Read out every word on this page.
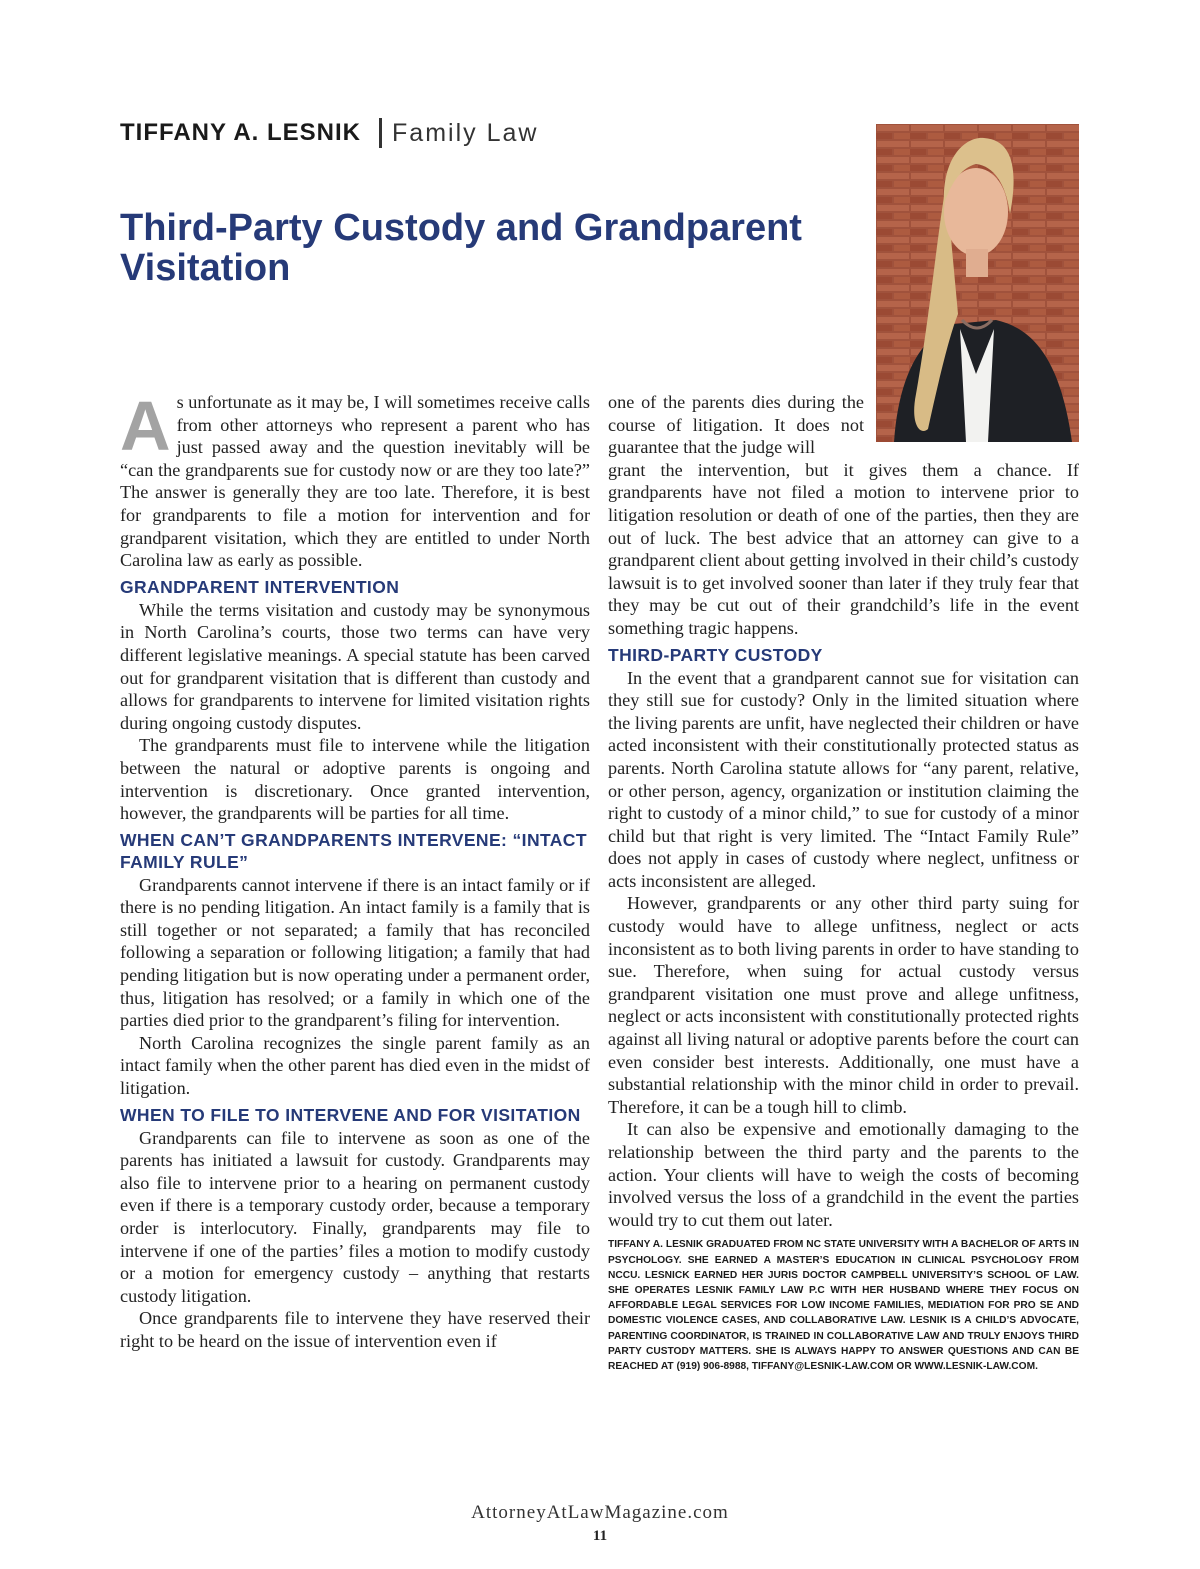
TIFFANY A. LESNIK Family Law
Third-Party Custody and Grandparent Visitation

As unfortunate as it may be, I will sometimes receive calls from other attorneys who represent a parent who has just passed away and the question inevitably will be “can the grandparents sue for custody now or are they too late?” The answer is generally they are too late. Therefore, it is best for grandparents to file a motion for intervention and for grandparent visitation, which they are entitled to under North Carolina law as early as possible.

GRANDPARENT INTERVENTION

While the terms visitation and custody may be synonymous in North Carolina’s courts, those two terms can have very different legislative meanings. A special statute has been carved out for grandparent visitation that is different than custody and allows for grandparents to intervene for limited visitation rights during ongoing custody disputes.

The grandparents must file to intervene while the litigation between the natural or adoptive parents is ongoing and intervention is discretionary. Once granted intervention, however, the grandparents will be parties for all time.

WHEN CAN’T GRANDPARENTS INTERVENE: “INTACT FAMILY RULE”

Grandparents cannot intervene if there is an intact family or if there is no pending litigation. An intact family is a family that is still together or not separated; a family that has reconciled following a separation or following litigation; a family that had pending litigation but is now operating under a permanent order, thus, litigation has resolved; or a family in which one of the parties died prior to the grandparent’s filing for intervention.

North Carolina recognizes the single parent family as an intact family when the other parent has died even in the midst of litigation.

WHEN TO FILE TO INTERVENE AND FOR VISITATION

Grandparents can file to intervene as soon as one of the parents has initiated a lawsuit for custody. Grandparents may also file to intervene prior to a hearing on permanent custody even if there is a temporary custody order, because a temporary order is interlocutory. Finally, grandparents may file to intervene if one of the parties’ files a motion to modify custody or a motion for emergency custody – anything that restarts custody litigation.

Once grandparents file to intervene they have reserved their right to be heard on the issue of intervention even if

one of the parents dies during the course of litigation. It does not guarantee that the judge will

grant the intervention, but it gives them a chance. If grandparents have not filed a motion to intervene prior to litigation resolution or death of one of the parties, then they are out of luck. The best advice that an attorney can give to a grandparent client about getting involved in their child’s custody lawsuit is to get involved sooner than later if they truly fear that they may be cut out of their grandchild’s life in the event something tragic happens.

THIRD-PARTY CUSTODY

In the event that a grandparent cannot sue for visitation can they still sue for custody? Only in the limited situation where the living parents are unfit, have neglected their children or have acted inconsistent with their constitutionally protected status as parents. North Carolina statute allows for “any parent, relative, or other person, agency, organization or institution claiming the right to custody of a minor child,” to sue for custody of a minor child but that right is very limited. The “Intact Family Rule” does not apply in cases of custody where neglect, unfitness or acts inconsistent are alleged.

However, grandparents or any other third party suing for custody would have to allege unfitness, neglect or acts inconsistent as to both living parents in order to have standing to sue. Therefore, when suing for actual custody versus grandparent visitation one must prove and allege unfitness, neglect or acts inconsistent with constitutionally protected rights against all living natural or adoptive parents before the court can even consider best interests. Additionally, one must have a substantial relationship with the minor child in order to prevail. Therefore, it can be a tough hill to climb.

It can also be expensive and emotionally damaging to the relationship between the third party and the parents to the action. Your clients will have to weigh the costs of becoming involved versus the loss of a grandchild in the event the parties would try to cut them out later.

TIFFANY A. LESNIK GRADUATED FROM NC STATE UNIVERSITY WITH A BACHELOR OF ARTS IN PSYCHOLOGY. SHE EARNED A MASTER’S EDUCATION IN CLINICAL PSYCHOLOGY FROM NCCU. LESNICK EARNED HER JURIS DOCTOR CAMPBELL UNIVERSITY’S SCHOOL OF LAW. SHE OPERATES LESNIK FAMILY LAW P.C WITH HER HUSBAND WHERE THEY FOCUS ON AFFORDABLE LEGAL SERVICES FOR LOW INCOME FAMILIES, MEDIATION FOR PRO SE AND DOMESTIC VIOLENCE CASES, AND COLLABORATIVE LAW. LESNIK IS A CHILD’S ADVOCATE, PARENTING COORDINATOR, IS TRAINED IN COLLABORATIVE LAW AND TRULY ENJOYS THIRD PARTY CUSTODY MATTERS. SHE IS ALWAYS HAPPY TO ANSWER QUESTIONS AND CAN BE REACHED AT (919) 906-8988, TIFFANY@LESNIK-LAW.COM OR WWW.LESNIK-LAW.COM.
AttorneyAtLawMagazine.com
11
